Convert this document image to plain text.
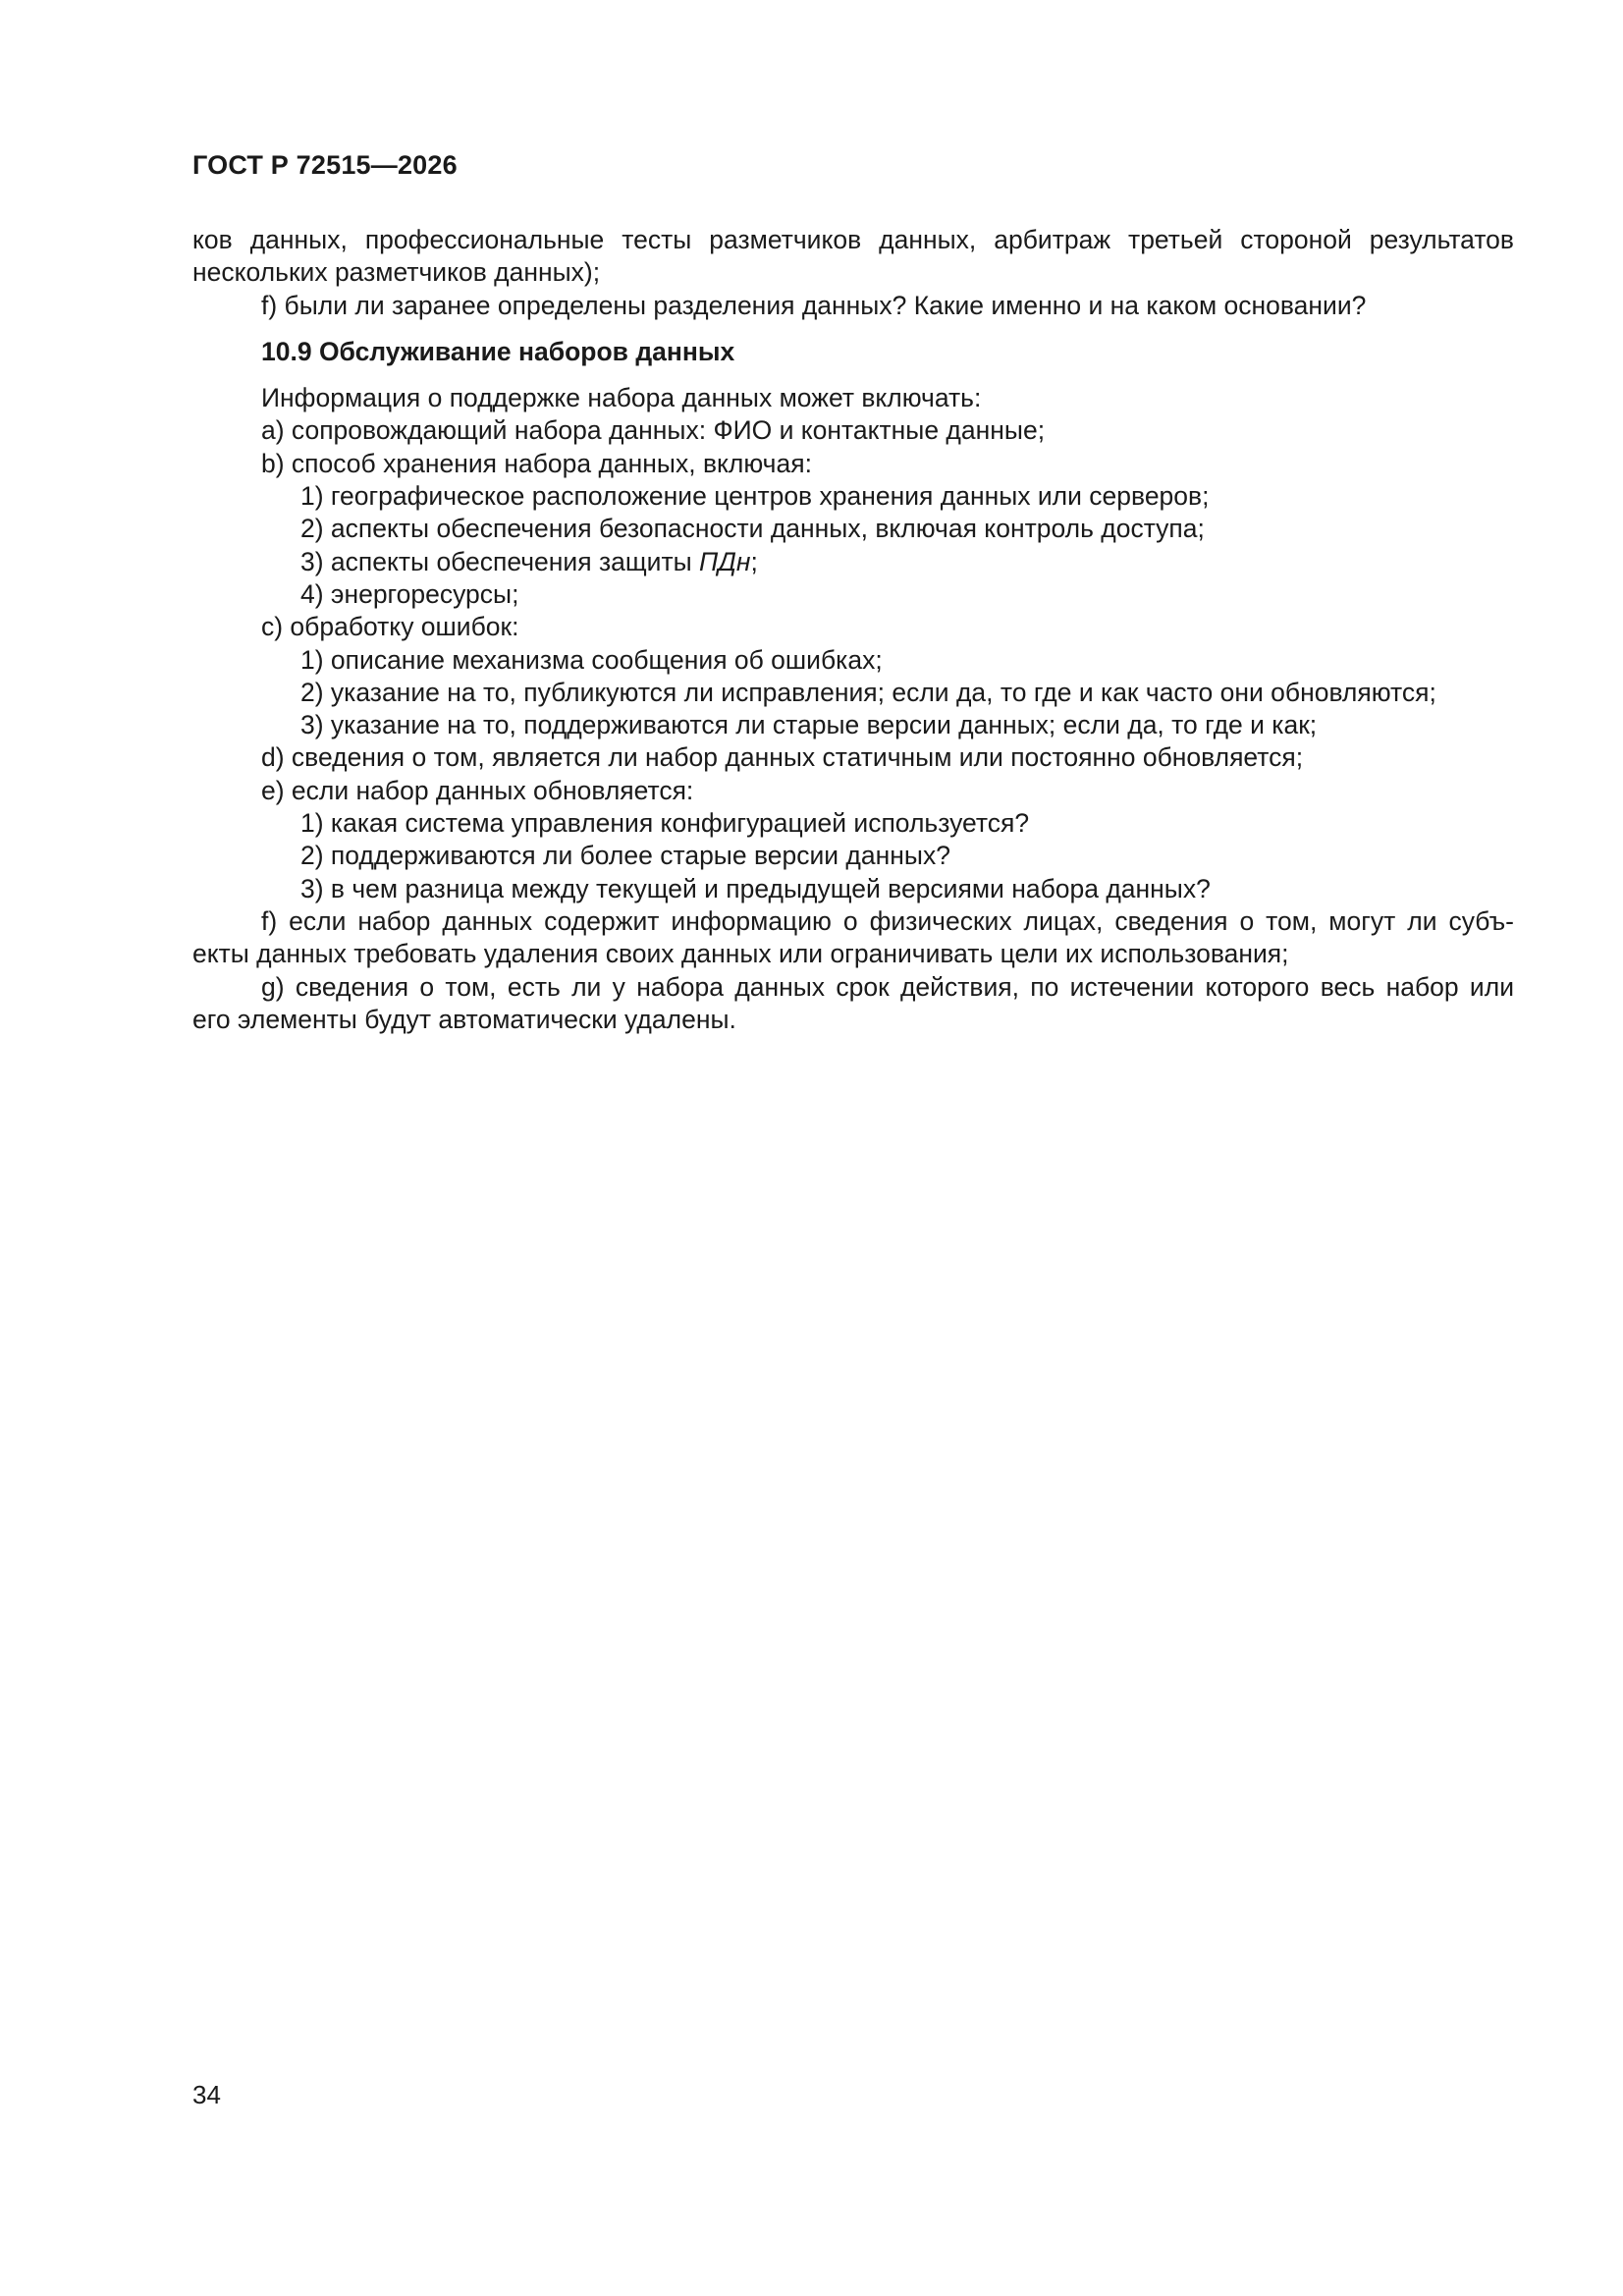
ГОСТ Р 72515—2026
ков данных, профессиональные тесты разметчиков данных, арбитраж третьей стороной результатов
нескольких разметчиков данных);
f) были ли заранее определены разделения данных? Какие именно и на каком основании?
10.9 Обслуживание наборов данных
Информация о поддержке набора данных может включать:
a) сопровождающий набора данных: ФИО и контактные данные;
b) способ хранения набора данных, включая:
1) географическое расположение центров хранения данных или серверов;
2) аспекты обеспечения безопасности данных, включая контроль доступа;
3) аспекты обеспечения защиты ПДн;
4) энергоресурсы;
c) обработку ошибок:
1) описание механизма сообщения об ошибках;
2) указание на то, публикуются ли исправления; если да, то где и как часто они обновляются;
3) указание на то, поддерживаются ли старые версии данных; если да, то где и как;
d) сведения о том, является ли набор данных статичным или постоянно обновляется;
e) если набор данных обновляется:
1) какая система управления конфигурацией используется?
2) поддерживаются ли более старые версии данных?
3) в чем разница между текущей и предыдущей версиями набора данных?
f) если набор данных содержит информацию о физических лицах, сведения о том, могут ли субъ-
екты данных требовать удаления своих данных или ограничивать цели их использования;
g) сведения о том, есть ли у набора данных срок действия, по истечении которого весь набор или
его элементы будут автоматически удалены.
34
